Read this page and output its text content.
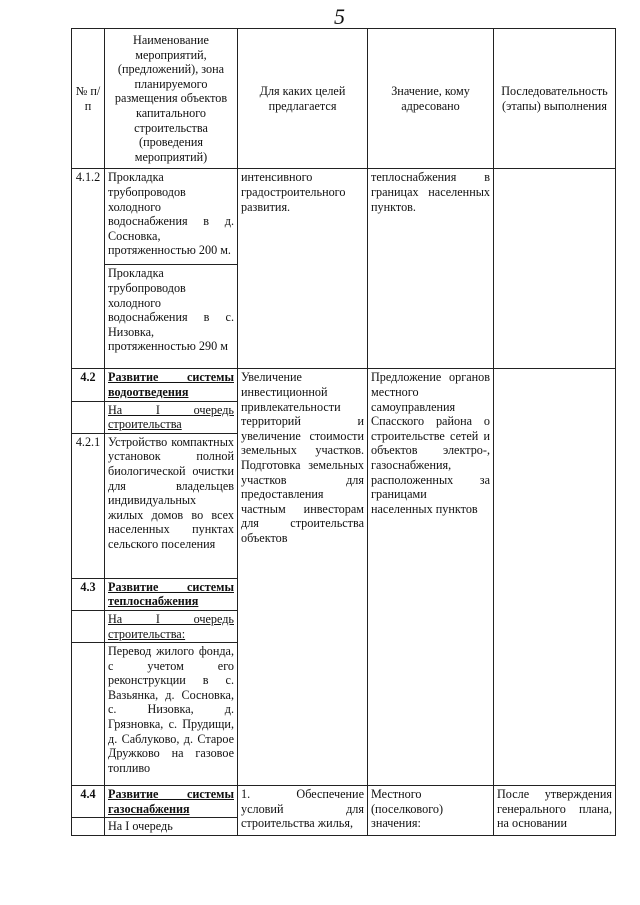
5
№ п/п	Наименование мероприятий, (предложений), зона планируемого размещения объектов капитального строительства (проведения мероприятий)	Для каких целей предлагается	Значение, кому адресовано	Последовательность (этапы) выполнения
4.1.2	Прокладка трубопроводов холодного водоснабжения в д. Сосновка, протяженностью 200 м.	интенсивного градостроительного развития.	теплоснабжения в границах населенных пунктов.	
	Прокладка трубопроводов холодного водоснабжения в с. Низовка, протяженностью 290 м			
4.2	Развитие системы водоотведения	Увеличение инвестиционной привлекательности территорий и увеличение стоимости земельных участков. Подготовка земельных участков для предоставления частным инвесторам для строительства объектов	Предложение органов местного самоуправления Спасского района о строительстве сетей и объектов электро-, газоснабжения, расположенных за границами населенных пунктов	
	На I очередь строительства			
4.2.1	Устройство компактных установок полной биологической очистки для владельцев индивидуальных жилых домов во всех населенных пунктах сельского поселения			
4.3	Развитие системы теплоснабжения			
	На I очередь строительства:			
	Перевод жилого фонда, с учетом его реконструкции в с. Вазьянка, д. Сосновка, с. Низовка, д. Грязновка, с. Прудищи, д. Саблуково, д. Старое Дружково на газовое топливо			
4.4	Развитие системы газоснабжения	1. Обеспечение условий для строительства жилья,	Местного (поселкового) значения:	После утверждения генерального плана, на основании
	На I очередь			
